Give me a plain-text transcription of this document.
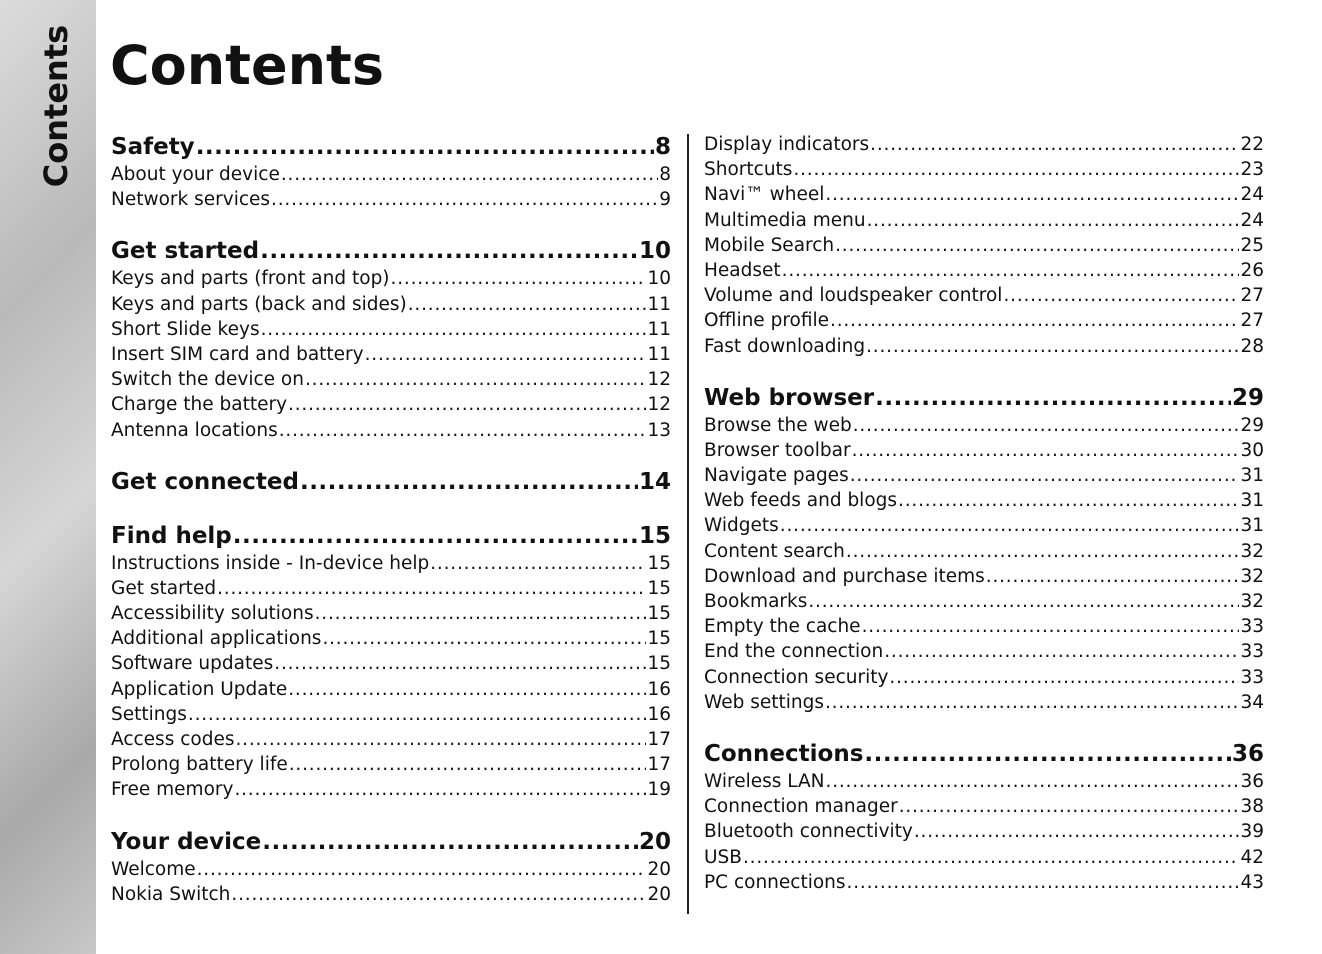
Contents Contents
Safety .....	8
About your device .....	8
Network services .....	9
Get started .....	10
Keys and parts (front and top) .....	10
Keys and parts (back and sides) .....	11
Short Slide keys .....	11
Insert SIM card and battery .....	11
Switch the device on .....	12
Charge the battery .....	12
Antenna locations .....	13
Get connected .....	14
Find help .....	15
Instructions inside - In-device help .....	15
Get started .....	15
Accessibility solutions .....	15
Additional applications .....	15
Software updates .....	15
Application Update .....	16
Settings .....	16
Access codes .....	17
Prolong battery life .....	17
Free memory .....	19
Your device .....	20
Welcome .....	20
Nokia Switch .....	20
Display indicators .....	22
Shortcuts .....	23
Navi™ wheel .....	24
Multimedia menu .....	24
Mobile Search .....	25
Headset .....	26
Volume and loudspeaker control .....	27
Offline profile .....	27
Fast downloading .....	28
Web browser .....	29
Browse the web .....	29
Browser toolbar .....	30
Navigate pages .....	31
Web feeds and blogs .....	31
Widgets .....	31
Content search .....	32
Download and purchase items .....	32
Bookmarks .....	32
Empty the cache .....	33
End the connection .....	33
Connection security .....	33
Web settings .....	34
Connections .....	36
Wireless LAN .....	36
Connection manager .....	38
Bluetooth connectivity .....	39
USB .....	42
PC connections .....	43
